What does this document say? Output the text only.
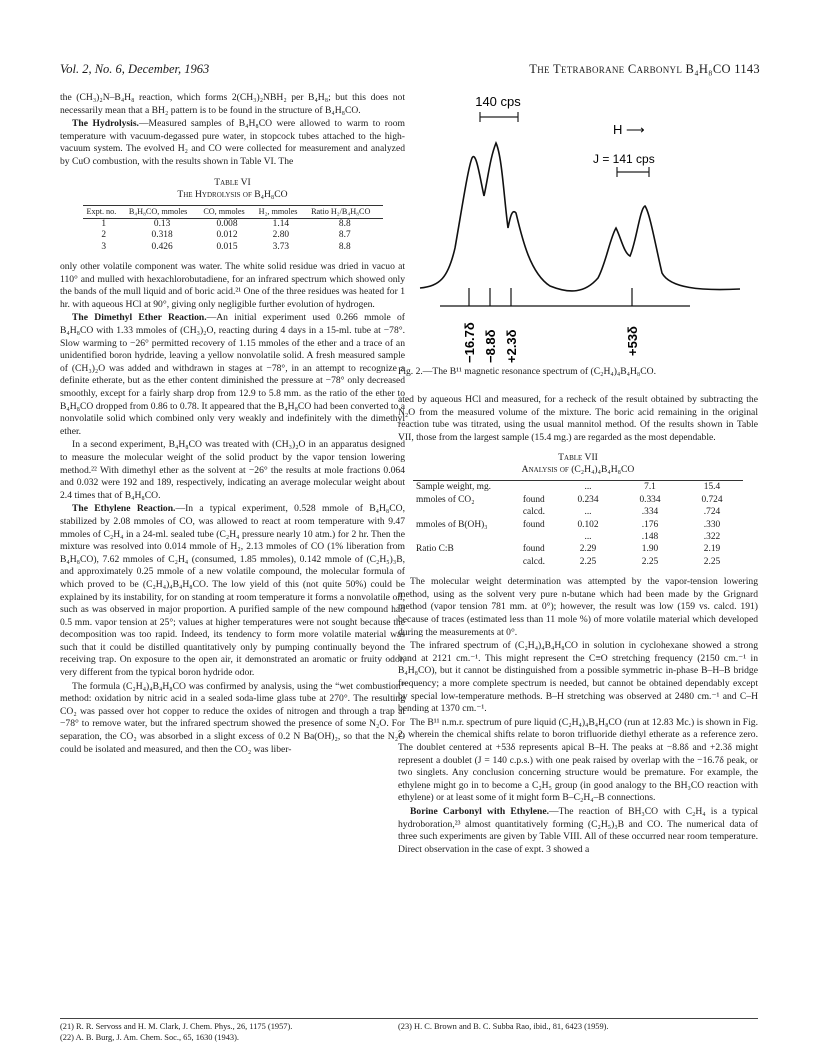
Vol. 2, No. 6, December, 1963	The Tetraborane Carbonyl B₄H₈CO 1143

the (CH₃)₂N–B₄H₈ reaction, which forms 2(CH₃)₂NBH₂ per B₄H₈; but this does not necessarily mean that a BH₂ pattern is to be found in the structure of B₄H₈CO.

The Hydrolysis.—Measured samples of B₄H₈CO were allowed to warm to room temperature with vacuum-degassed pure water, in stopcock tubes attached to the high-vacuum system. The evolved H₂ and CO were collected for measurement and analyzed by CuO combustion, with the results shown in Table VI. The

Table VI
The Hydrolysis of B₄H₈CO
Expt. no.	B₄H₈CO, mmoles	CO, mmoles	H₂, mmoles	Ratio H₂/B₄H₈CO
1	0.13	0.008	1.14	8.8
2	0.318	0.012	2.80	8.7
3	0.426	0.015	3.73	8.8

only other volatile component was water. The white solid residue was dried in vacuo at 110° and mulled with hexachlorobutadiene, for an infrared spectrum which showed only the bands of the mull liquid and of boric acid.²¹ One of the three residues was heated for 1 hr. with aqueous HCl at 90°, giving only negligible further evolution of hydrogen.

The Dimethyl Ether Reaction.—An initial experiment used 0.266 mmole of B₄H₈CO with 1.33 mmoles of (CH₃)₂O, reacting during 4 days in a 15-ml. tube at −78°. Slow warming to −26° permitted recovery of 1.15 mmoles of the ether and a trace of an unidentified boron hydride, leaving a yellow nonvolatile solid. A fresh measured sample of (CH₃)₂O was added and withdrawn in stages at −78°, in an attempt to recognize a definite etherate, but as the ether content diminished the pressure at −78° only decreased smoothly, except for a fairly sharp drop from 12.9 to 5.8 mm. as the ratio of the ether to B₄H₈CO dropped from 0.86 to 0.78. It appeared that the B₄H₈CO had been converted to a nonvolatile solid which combined only very weakly and indefinitely with the dimethyl ether.

In a second experiment, B₄H₈CO was treated with (CH₃)₂O in an apparatus designed to measure the molecular weight of the solid product by the vapor tension lowering method.²² With dimethyl ether as the solvent at −26° the results at mole fractions 0.064 and 0.032 were 192 and 189, respectively, indicating an average molecular weight about 2.4 times that of B₄H₈CO.

The Ethylene Reaction.—In a typical experiment, 0.528 mmole of B₄H₈CO, stabilized by 2.08 mmoles of CO, was allowed to react at room temperature with 9.47 mmoles of C₂H₄ in a 24-ml. sealed tube (C₂H₄ pressure nearly 10 atm.) for 2 hr. Then the mixture was resolved into 0.014 mmole of H₂, 2.13 mmoles of CO (1% liberation from B₄H₈CO), 7.62 mmoles of C₂H₄ (consumed, 1.85 mmoles), 0.142 mmole of (C₂H₅)₃B, and approximately 0.25 mmole of a new volatile compound, the molecular formula of which proved to be (C₂H₄)₄B₄H₈CO. The low yield of this (not quite 50%) could be explained by its instability, for on standing at room temperature it forms a nonvolatile oil, such as was observed in major proportion. A purified sample of the new compound had 0.5 mm. vapor tension at 25°; values at higher temperatures were not sought because the decomposition was too rapid. Indeed, its tendency to form more volatile material was such that it could be distilled quantitatively only by pumping continually beyond the receiving trap. On exposure to the open air, it demonstrated an aromatic or fruity odor, very different from the typical boron hydride odor.

The formula (C₂H₄)₄B₄H₈CO was confirmed by analysis, using the “wet combustion” method: oxidation by nitric acid in a sealed soda-lime glass tube at 270°. The resulting CO₂ was passed over hot copper to reduce the oxides of nitrogen and through a trap at −78° to remove water, but the infrared spectrum showed the presence of some N₂O. For separation, the CO₂ was absorbed in a slight excess of 0.2 N Ba(OH)₂, so that the N₂O could be isolated and measured, and then the CO₂ was liber-

(21) R. R. Servoss and H. M. Clark, J. Chem. Phys., 26, 1175 (1957).
(22) A. B. Burg, J. Am. Chem. Soc., 65, 1630 (1943).
140 cps
H ⟶
J = 141 cps
−16.7δ −8.8δ +2.3δ	+53δ
Fig. 2.—The B¹¹ magnetic resonance spectrum of (C₂H₄)₄B₄H₈CO.

ated by aqueous HCl and measured, for a recheck of the result obtained by subtracting the N₂O from the measured volume of the mixture. The boric acid remaining in the original reaction tube was titrated, using the usual mannitol method. Of the results shown in Table VII, those from the largest sample (15.4 mg.) are regarded as the most dependable.

Table VII
Analysis of (C₂H₄)₄B₄H₈CO
Sample weight, mg.		...	7.1	15.4
mmoles of CO₂	found	0.234	0.334	0.724
	calcd.	...	.334	.724
mmoles of B(OH)₃	found	0.102	.176	.330
		...	.148	.322
Ratio C:B	found	2.29	1.90	2.19
	calcd.	2.25	2.25	2.25

The molecular weight determination was attempted by the vapor-tension lowering method, using as the solvent very pure n-butane which had been made by the Grignard method (vapor tension 781 mm. at 0°); however, the result was low (159 vs. calcd. 191) because of traces (estimated less than 11 mole %) of more volatile material which developed during the measurements at 0°.

The infrared spectrum of (C₂H₄)₄B₄H₈CO in solution in cyclohexane showed a strong band at 2121 cm.⁻¹. This might represent the C≡O stretching frequency (2150 cm.⁻¹ in B₄H₈CO), but it cannot be distinguished from a possible symmetric in-phase B–H–B bridge frequency; a more complete spectrum is needed, but cannot be obtained dependably except by special low-temperature methods. B–H stretching was observed at 2480 cm.⁻¹ and C–H bending at 1370 cm.⁻¹.

The B¹¹ n.m.r. spectrum of pure liquid (C₂H₄)₄B₄H₈CO (run at 12.83 Mc.) is shown in Fig. 2, wherein the chemical shifts relate to boron trifluoride diethyl etherate as a reference zero. The doublet centered at +53δ represents apical B–H. The peaks at −8.8δ and +2.3δ might represent a doublet (J = 140 c.p.s.) with one peak raised by overlap with the −16.7δ peak, or two singlets. Any conclusion concerning structure would be premature. For example, the ethylene might go in to become a C₂H₅ group (in good analogy to the BH₃CO reaction with ethylene) or at least some of it might form B–C₂H₄–B connections.

Borine Carbonyl with Ethylene.—The reaction of BH₃CO with C₂H₄ is a typical hydroboration,²³ almost quantitatively forming (C₂H₅)₃B and CO. The numerical data of three such experiments are given by Table VIII. All of these occurred near room temperature. Direct observation in the case of expt. 3 showed a

(23) H. C. Brown and B. C. Subba Rao, ibid., 81, 6423 (1959).
